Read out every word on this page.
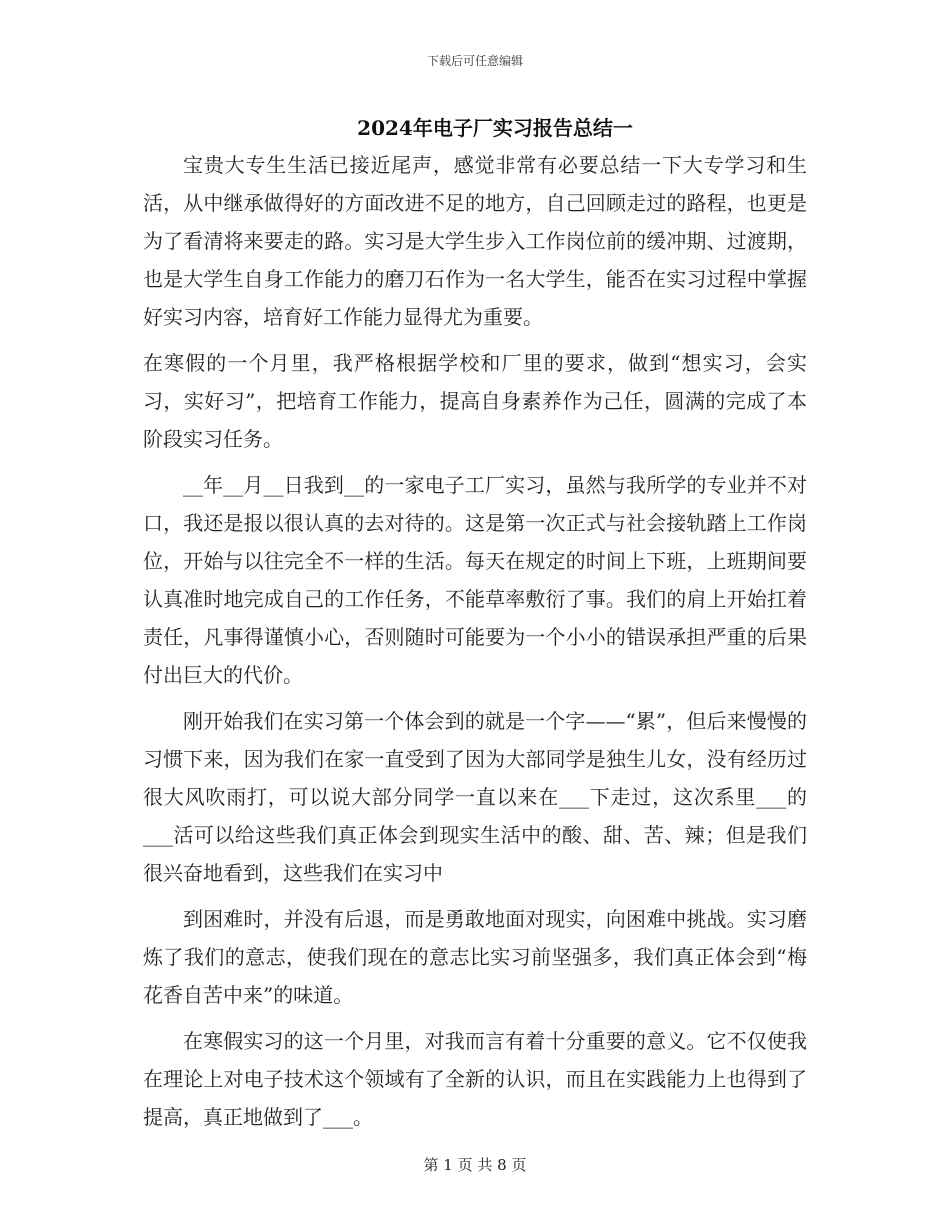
下载后可任意编辑
2024年电子厂实习报告总结一

宝贵大专生生活已接近尾声，感觉非常有必要总结一下大专学习和生活，从中继承做得好的方面改进不足的地方，自己回顾走过的路程，也更是为了看清将来要走的路。实习是大学生步入工作岗位前的缓冲期、过渡期，也是大学生自身工作能力的磨刀石作为一名大学生，能否在实习过程中掌握好实习内容，培育好工作能力显得尤为重要。

在寒假的一个月里，我严格根据学校和厂里的要求，做到“想实习，会实习，实好习”，把培育工作能力，提高自身素养作为己任，圆满的完成了本阶段实习任务。

__年__月__日我到__的一家电子工厂实习，虽然与我所学的专业并不对口，我还是报以很认真的去对待的。这是第一次正式与社会接轨踏上工作岗位，开始与以往完全不一样的生活。每天在规定的时间上下班，上班期间要认真准时地完成自己的工作任务，不能草率敷衍了事。我们的肩上开始扛着责任，凡事得谨慎小心，否则随时可能要为一个小小的错误承担严重的后果付出巨大的代价。

刚开始我们在实习第一个体会到的就是一个字——“累”，但后来慢慢的习惯下来，因为我们在家一直受到了因为大部同学是独生儿女，没有经历过很大风吹雨打，可以说大部分同学一直以来在___下走过，这次系里___的___活可以给这些我们真正体会到现实生活中的酸、甜、苦、辣；但是我们很兴奋地看到，这些我们在实习中

到困难时，并没有后退，而是勇敢地面对现实，向困难中挑战。实习磨炼了我们的意志，使我们现在的意志比实习前坚强多，我们真正体会到“梅花香自苦中来”的味道。

在寒假实习的这一个月里，对我而言有着十分重要的意义。它不仅使我在理论上对电子技术这个领域有了全新的认识，而且在实践能力上也得到了提高，真正地做到了___。

第 1 页 共 8 页
